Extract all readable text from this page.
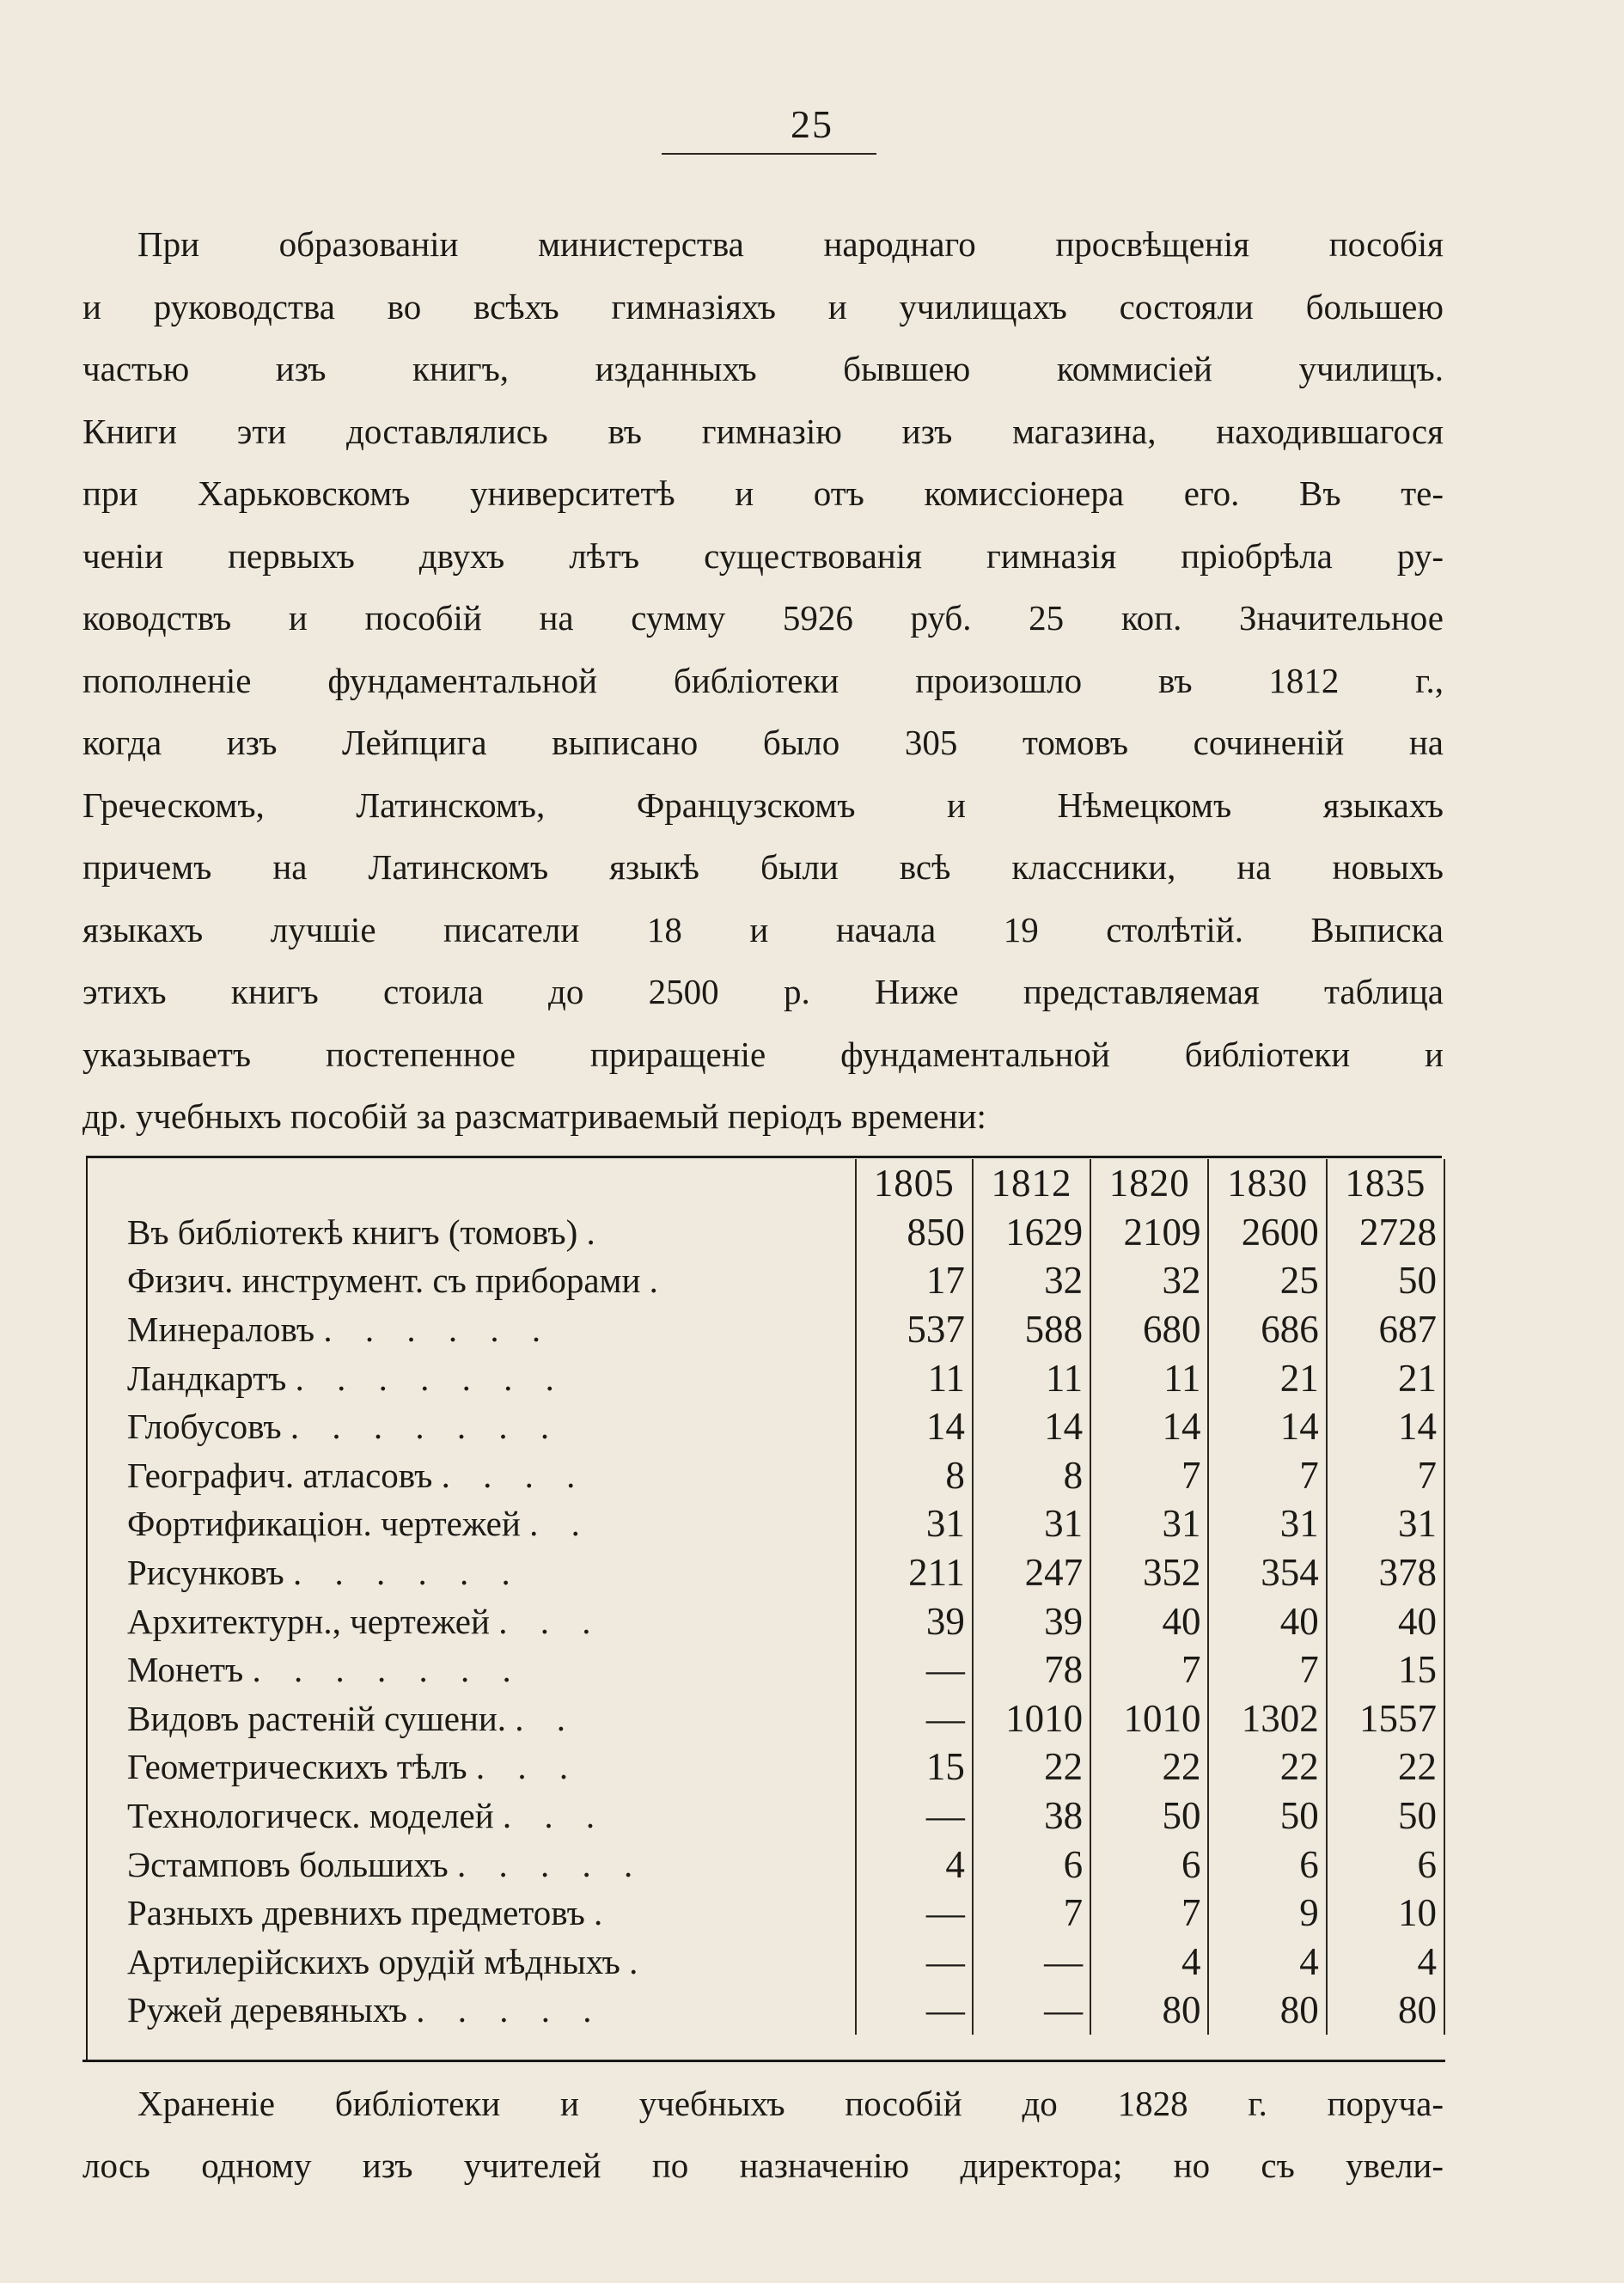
25
При образованіи министерства народнаго просвѣщенія пособія
и руководства во всѣхъ гимназіяхъ и училищахъ состояли большею
частью изъ книгъ, изданныхъ бывшею коммисіей училищъ.
Книги эти доставлялись въ гимназію изъ магазина, находившагося
при Харьковскомъ университетѣ и отъ комиссіонера его. Въ те-
ченіи первыхъ двухъ лѣтъ существованія гимназія пріобрѣла ру-
ководствъ и пособій на сумму 5926 руб. 25 коп. Значительное
пополненіе фундаментальной библіотеки произошло въ 1812 г.,
когда изъ Лейпцига выписано было 305 томовъ сочиненій на
Греческомъ, Латинскомъ, Французскомъ и Нѣмецкомъ языкахъ
причемъ на Латинскомъ языкѣ были всѣ классники, на новыхъ
языкахъ лучшіе писатели 18 и начала 19 столѣтій. Выписка
этихъ книгъ стоила до 2500 р. Ниже представляемая таблица
указываетъ постепенное приращеніе фундаментальной библіотеки и
др. учебныхъ пособій за разсматриваемый періодъ времени:
	1805	1812	1820	1830	1835
Въ библіотекѣ книгъ (томовъ) .	850	1629	2109	2600	2728
Физич. инструмент. съ приборами .	17	32	32	25	50
Минераловъ . . . . . .	537	588	680	686	687
Ландкартъ . . . . . . .	11	11	11	21	21
Глобусовъ . . . . . . .	14	14	14	14	14
Географич. атласовъ . . . .	8	8	7	7	7
Фортификаціон. чертежей . .	31	31	31	31	31
Рисунковъ . . . . . .	211	247	352	354	378
Архитектурн., чертежей . . .	39	39	40	40	40
Монетъ . . . . . . .	—	78	7	7	15
Видовъ растеній сушени. . .	—	1010	1010	1302	1557
Геометрическихъ тѣлъ . . .	15	22	22	22	22
Технологическ. моделей . . .	—	38	50	50	50
Эстамповъ большихъ . . . . .	4	6	6	6	6
Разныхъ древнихъ предметовъ .	—	7	7	9	10
Артилерійскихъ орудій мѣдныхъ .	—	—	4	4	4
Ружей деревяныхъ . . . . .	—	—	80	80	80
Храненіе библіотеки и учебныхъ пособій до 1828 г. поруча-
лось одному изъ учителей по назначенію директора; но съ увели-
